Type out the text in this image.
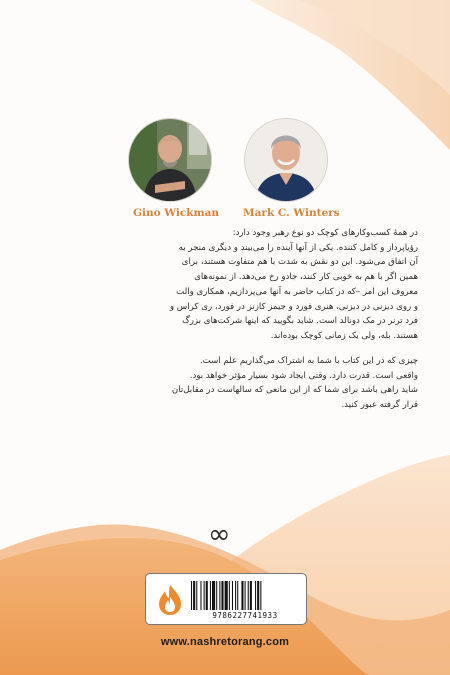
Gino Wickman Mark C. Winters
در همه‌ٔ کسب‌وکارهای کوچک دو نوع رهبر وجود دارد:
رؤیاپرداز و کامل کننده. یکی از آنها آینده را می‌بیند و دیگری منجر به
آن اتفاق می‌شود. این دو نقش به شدت با هم متفاوت هستند، برای
همین اگر با هم به خوبی کار کنند، جادو رخ می‌دهد. از نمونه‌های
معروف این امر –که در کتاب حاضر به آنها می‌پردازیم، همکاری والت
و روی دیزنی در دیزنی، هنری فورد و جیمز کازنز در فورد، ری کراس و
فرد ترنر در مک دونالد است. شاید بگویید که اینها شرکت‌های بزرگ
هستند. بله، ولی یک زمانی کوچک بوده‌اند.
چیزی که در این کتاب با شما به اشتراک می‌گذاریم علم است.
واقعی است. قدرت دارد. وقتی ایجاد شود بسیار مؤثر خواهد بود.
شاید راهی باشد برای شما که از این مانعی که سالهاست در مقابل‌تان
قرار گرفته عبور کنید.
∞
9786227741933
www.nashretorang.com
